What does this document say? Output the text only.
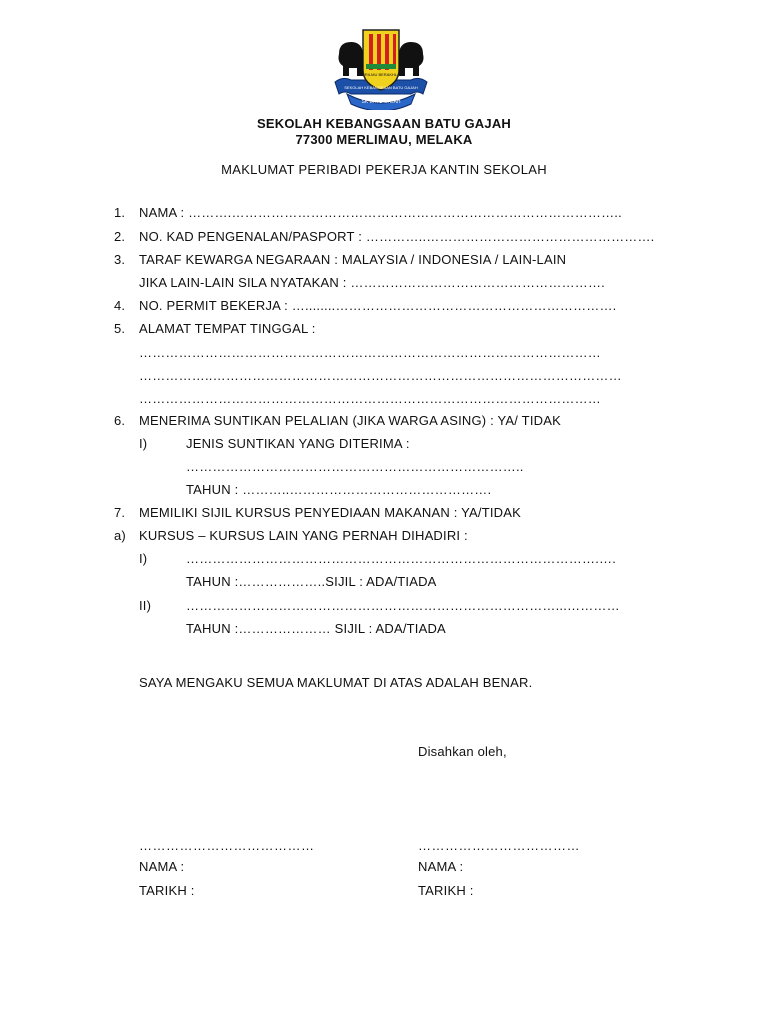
SEKOLAH KEBANGSAAN BATU GAJAH
SK BATU GAJAH
BERILMU BERAKHLAK
SEKOLAH KEBANGSAAN BATU GAJAH
77300 MERLIMAU, MELAKA
MAKLUMAT PERIBADI PEKERJA KANTIN SEKOLAH
1. NAMA : ……….……………………………………………………………………………..
2. NO. KAD PENGENALAN/PASPORT : …………..…………………………………………….
3. TARAF KEWARGA NEGARAAN : MALAYSIA / INDONESIA / LAIN-LAIN
JIKA LAIN-LAIN SILA NYATAKAN : ………………………………………………….
4. NO. PERMIT BEKERJA : …........……………………………………………………….
5. ALAMAT TEMPAT TINGGAL :
……………………………………………………………………………………………
……………..…………………………………………………………………………………
……………………………………………………………………………………………
6. MENERIMA SUNTIKAN PELALIAN (JIKA WARGA ASING) : YA/ TIDAK
I)	JENIS SUNTIKAN YANG DITERIMA :
…………………………………………………………………..
TAHUN : ………..……………………………………….
7. MEMILIKI SIJIL KURSUS PENYEDIAAN MAKANAN : YA/TIDAK
a) KURSUS – KURSUS LAIN YANG PERNAH DIHADIRI :
I)	………………………………………………………………………………….….
TAHUN :………………..SIJIL : ADA/TIADA
II)	…………………………………………………………………………...…………
TAHUN :………………… SIJIL : ADA/TIADA
SAYA MENGAKU SEMUA MAKLUMAT DI ATAS ADALAH BENAR.
Disahkan oleh,
…………………………………	………………………………
NAMA :	NAMA :
TARIKH :	TARIKH :
